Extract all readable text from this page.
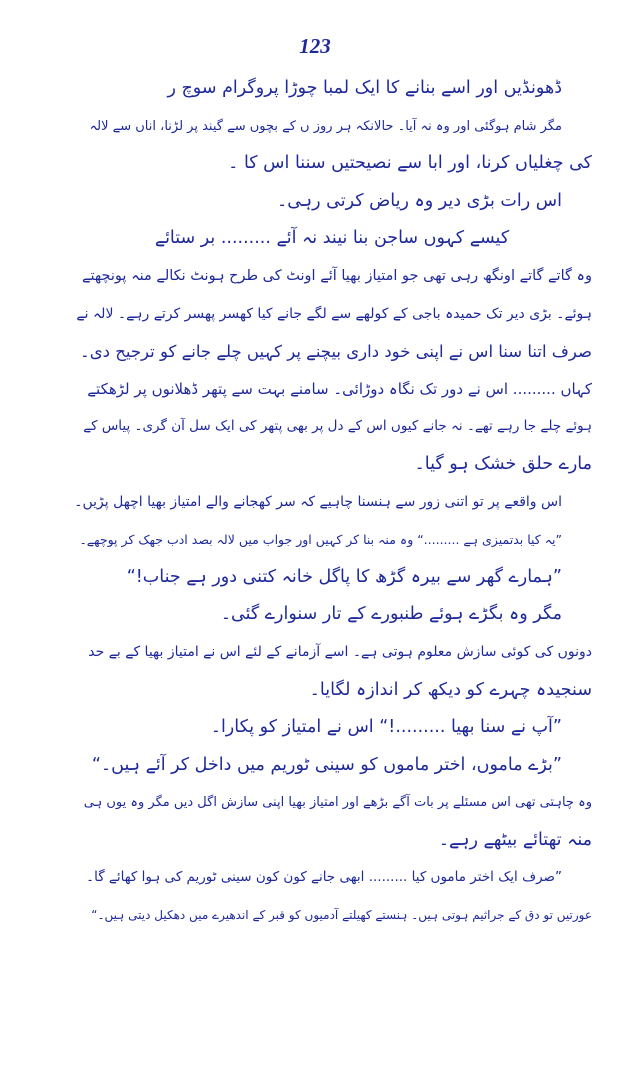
123
ڈھونڈیں اور اسے بنانے کا ایک لمبا چوڑا پروگرام سوچ ر
مگر شام ہوگئی اور وہ نہ آیا۔ حالانکہ ہر روز ں کے بچوں سے گیند پر لڑنا، اناں سے لالہ
کی چغلیاں کرنا، اور ابا سے نصیحتیں سننا اس کا ۔
اس رات بڑی دیر وہ ریاض کرتی رہی۔
کیسے کہوں ساجن بنا نیند نہ آئے ......... بر ستائے
وہ گاتے گاتے اونگھ رہی تھی جو امتیاز بھیا آئے اونٹ کی طرح ہونٹ نکالے منہ پونچھتے
ہوئے۔ بڑی دیر تک حمیدہ باجی کے کولھے سے لگے جانے کیا کھسر پھسر کرتے رہے۔ لالہ نے
صرف اتنا سنا اس نے اپنی خود داری بیچنے پر کہیں چلے جانے کو ترجیح دی۔
کہاں ......... اس نے دور تک نگاہ دوڑائی۔ سامنے بہت سے پتھر ڈھلانوں پر لڑھکتے
ہوئے چلے جا رہے تھے۔ نہ جانے کیوں اس کے دل پر بھی پتھر کی ایک سل آن گری۔ پیاس کے
مارے حلق خشک ہو گیا۔
اس واقعے پر تو اتنی زور سے ہنسنا چاہیے کہ سر کھجانے والے امتیاز بھیا اچھل پڑیں۔
”یہ کیا بدتمیزی ہے .........“ وہ منہ بنا کر کہیں اور جواب میں لالہ بصد ادب جھک کر پوچھے۔
”ہمارے گھر سے بیرہ گڑھ کا پاگل خانہ کتنی دور ہے جناب!“
مگر وہ بگڑے ہوئے طنبورے کے تار سنوارے گئی۔
دونوں کی کوئی سازش معلوم ہوتی ہے۔ اسے آزمانے کے لئے اس نے امتیاز بھیا کے بے حد
سنجیدہ چہرے کو دیکھ کر اندازہ لگایا۔
”آپ نے سنا بھیا .........!“ اس نے امتیاز کو پکارا۔
”بڑے ماموں، اختر ماموں کو سینی ٹوریم میں داخل کر آئے ہیں۔“
وہ چاہتی تھی اس مسئلے پر بات آگے بڑھے اور امتیاز بھیا اپنی سازش اگل دیں مگر وہ یوں ہی
منہ تھتائے بیٹھے رہے۔
”صرف ایک اختر ماموں کیا ......... ابھی جانے کون کون سینی ٹوریم کی ہوا کھائے گا۔
عورتیں تو دق کے جراثیم ہوتی ہیں۔ ہنستے کھیلتے آدمیوں کو قبر کے اندھیرے میں دھکیل دیتی ہیں۔“
